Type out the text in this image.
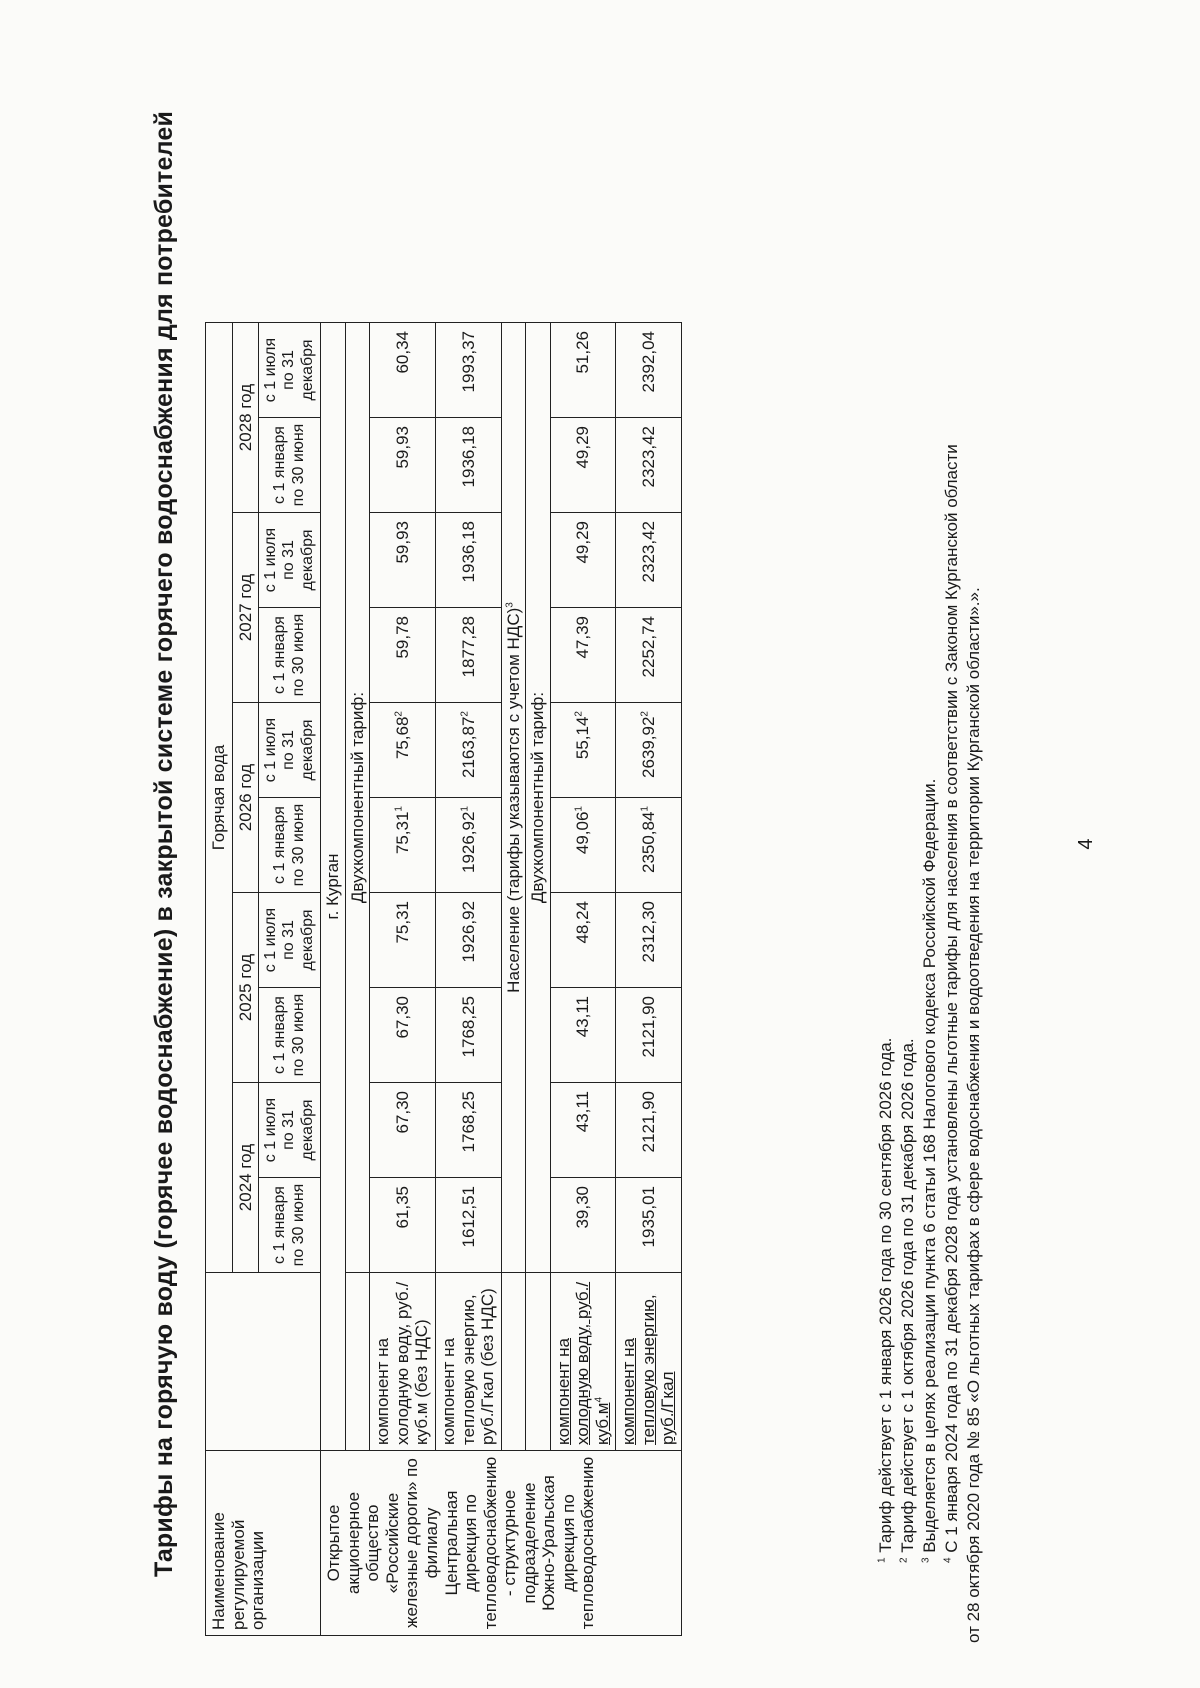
4
Тарифы на горячую воду (горячее водоснабжение) в закрытой системе горячего водоснабжения для потребителей Наименование регулируемой организации		Горячая вода									
		2024 год		2025 год		2026 год		2027 год		2028 год	
		с 1 января по 30 июня	с 1 июля по 31 декабря	с 1 января по 30 июня	с 1 июля по 31 декабря	с 1 января по 30 июня	с 1 июля по 31 декабря	с 1 января по 30 июня	с 1 июля по 31 декабря	с 1 января по 30 июня	с 1 июля по 31 декабря
Открытое акционерное общество «Российские железные дороги» по филиалу Центральная дирекция по тепловодоснабжению - структурное подразделение Южно-Уральская дирекция по тепловодоснабжению	г. Курган										
		Двухкомпонентный тариф:									
	компонент на холодную воду, руб./куб.м (без НДС)	61,35	67,30	67,30	75,31	75,31$^1$	75,68$^2$	59,78	59,93	59,93	60,34
	компонент на тепловую энергию, руб./Гкал (без НДС)	1612,51	1768,25	1768,25	1926,92	1926,92$^1$	2163,87$^2$	1877,28	1936,18	1936,18	1993,37
		Население (тарифы указываются с учетом НДС)$^3$
		Двухкомпонентный тариф:									
	компонент на холодную воду, $руб./куб.м^4$	39,30	43,11	43,11	48,24	49,06$^1$	55,14$^2$	47,39	49,29	49,29	51,26
	компонент на тепловую энергию, руб./Гкал	1935,01	2121,90	2121,90	2312,30	2350,84$^1$	2639,92$^2$	2252,74	2323,42	2323,42	2392,04
$^1$ Тариф действует с 1 января 2026 года по 30 сентября 2026 года.
$^2$ Тариф действует с 1 октября 2026 года по 31 декабря 2026 года.
$^3$ Выделяется в целях реализации пункта 6 статьи 168 Налогового кодекса Российской Федерации.
$^4$ С 1 января 2024 года по 31 декабря 2028 года установлены льготные тарифы для населения в соответствии с Законом Курганской области от 28 октября 2020 года № 85 «О льготных тарифах в сфере водоснабжения и водоотведения на территории Курганской области».».
